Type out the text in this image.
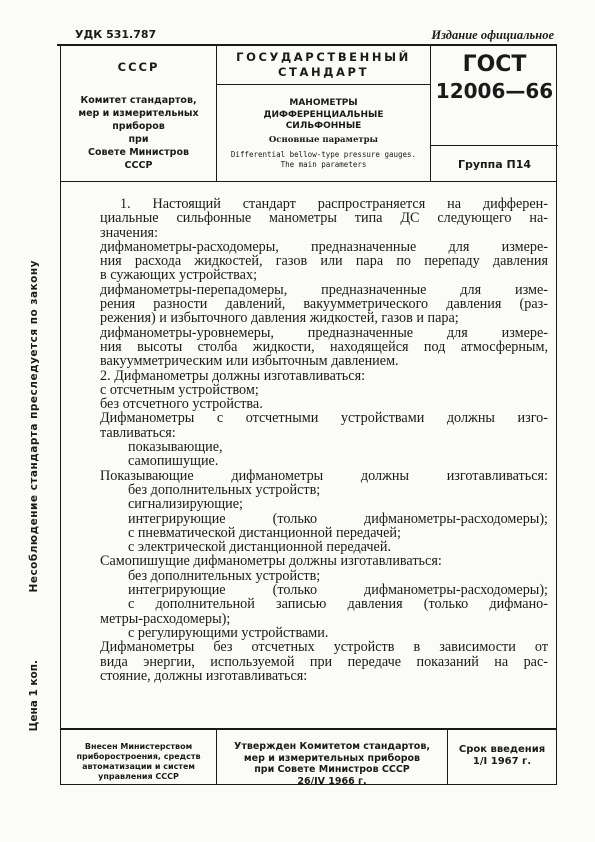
УДК 531.787	Издание официальное
СССР
Комитет стандартов,
мер и измерительных
приборов
при
Совете Министров
СССР
ГОСУДАРСТВЕННЫЙ
СТАНДАРТ
МАНОМЕТРЫ
ДИФФЕРЕНЦИАЛЬНЫЕ
СИЛЬФОННЫЕ
Основные параметры
Differential bellow-type pressure gauges.
The main parameters
ГОСТ
12006—66
Группа П14
Несоблюдение стандарта преследуется по закону
Цена 1 коп.
1. Настоящий стандарт распространяется на дифферен-
циальные сильфонные манометры типа ДС следующего на-
значения:
дифманометры-расходомеры, предназначенные для измере-
ния расхода жидкостей, газов или пара по перепаду давления
в сужающих устройствах;
дифманометры-перепадомеры, предназначенные для изме-
рения разности давлений, вакуумметрического давления (раз-
режения) и избыточного давления жидкостей, газов и пара;
дифманометры-уровнемеры, предназначенные для измере-
ния высоты столба жидкости, находящейся под атмосферным,
вакуумметрическим или избыточным давлением.
2. Дифманометры должны изготавливаться:
с отсчетным устройством;
без отсчетного устройства.
Дифманометры с отсчетными устройствами должны изго-
тавливаться:
показывающие,
самопишущие.
Показывающие дифманометры должны изготавливаться:
без дополнительных устройств;
сигнализирующие;
интегрирующие (только дифманометры-расходомеры);
с пневматической дистанционной передачей;
с электрической дистанционной передачей.
Самопишущие дифманометры должны изготавливаться:
без дополнительных устройств;
интегрирующие (только дифманометры-расходомеры);
с дополнительной записью давления (только дифмано-
метры-расходомеры);
с регулирующими устройствами.
Дифманометры без отсчетных устройств в зависимости от
вида энергии, используемой при передаче показаний на рас-
стояние, должны изготавливаться:
Внесен Министерством
приборостроения, средств
автоматизации и систем
управления СССР
Утвержден Комитетом стандартов,
мер и измерительных приборов
при Совете Министров СССР
26/IV 1966 г.
Срок введения
1/I 1967 г.
